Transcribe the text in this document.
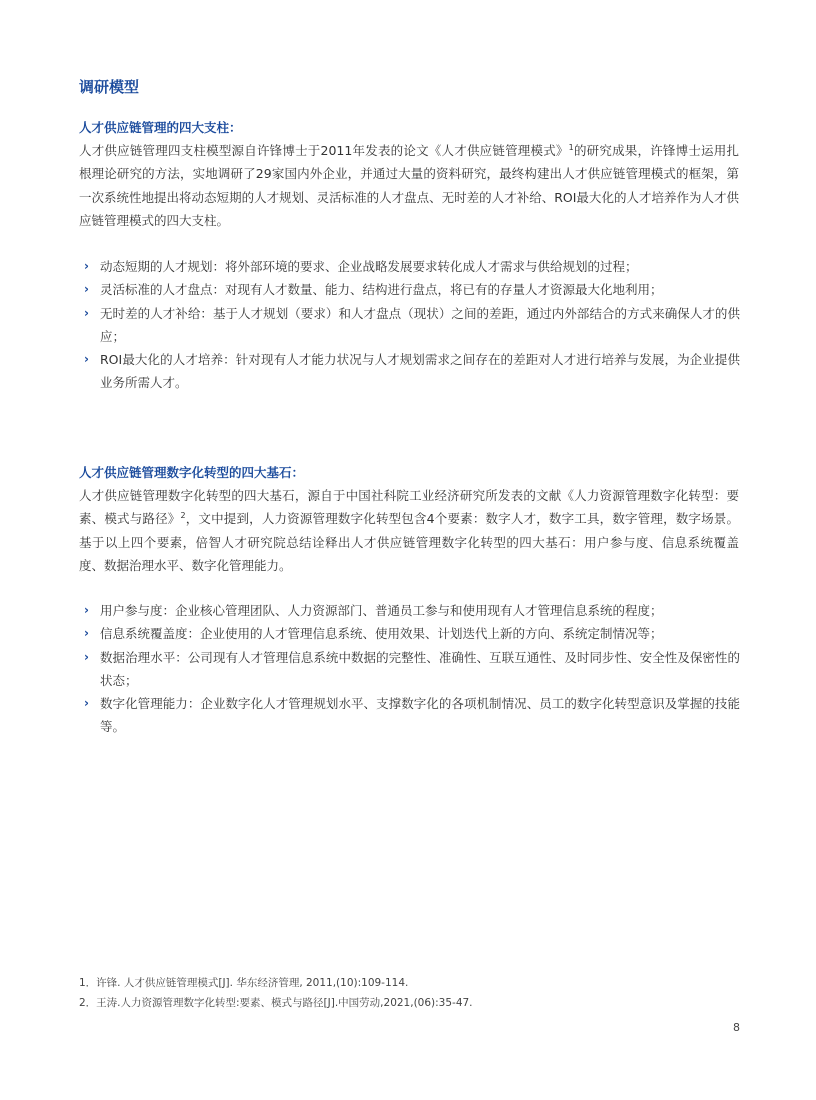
调研模型
人才供应链管理的四大支柱：

人才供应链管理四支柱模型源自许锋博士于2011年发表的论文《人才供应链管理模式》$^1$的研究成果，许锋博士运用扎根理论研究的方法，实地调研了29家国内外企业，并通过大量的资料研究，最终构建出人才供应链管理模式的框架，第一次系统性地提出将动态短期的人才规划、灵活标准的人才盘点、无时差的人才补给、ROI最大化的人才培养作为人才供应链管理模式的四大支柱。

› 动态短期的人才规划：将外部环境的要求、企业战略发展要求转化成人才需求与供给规划的过程；
› 灵活标准的人才盘点：对现有人才数量、能力、结构进行盘点，将已有的存量人才资源最大化地利用；
› 无时差的人才补给：基于人才规划（要求）和人才盘点（现状）之间的差距，通过内外部结合的方式来确保人才的供应；
› ROI最大化的人才培养：针对现有人才能力状况与人才规划需求之间存在的差距对人才进行培养与发展，为企业提供业务所需人才。
人才供应链管理数字化转型的四大基石：

人才供应链管理数字化转型的四大基石，源自于中国社科院工业经济研究所发表的文献《人力资源管理数字化转型：要素、模式与路径》$^2$，文中提到，人力资源管理数字化转型包含4个要素：数字人才，数字工具，数字管理，数字场景。基于以上四个要素，倍智人才研究院总结诠释出人才供应链管理数字化转型的四大基石：用户参与度、信息系统覆盖度、数据治理水平、数字化管理能力。

› 用户参与度：企业核心管理团队、人力资源部门、普通员工参与和使用现有人才管理信息系统的程度；
› 信息系统覆盖度：企业使用的人才管理信息系统、使用效果、计划迭代上新的方向、系统定制情况等；
› 数据治理水平：公司现有人才管理信息系统中数据的完整性、准确性、互联互通性、及时同步性、安全性及保密性的状态；
› 数字化管理能力：企业数字化人才管理规划水平、支撑数字化的各项机制情况、员工的数字化转型意识及掌握的技能等。
1．许锋. 人才供应链管理模式[J]. 华东经济管理, 2011,(10):109-114.
2．王涛.人力资源管理数字化转型:要素、模式与路径[J].中国劳动,2021,(06):35-47.
8
